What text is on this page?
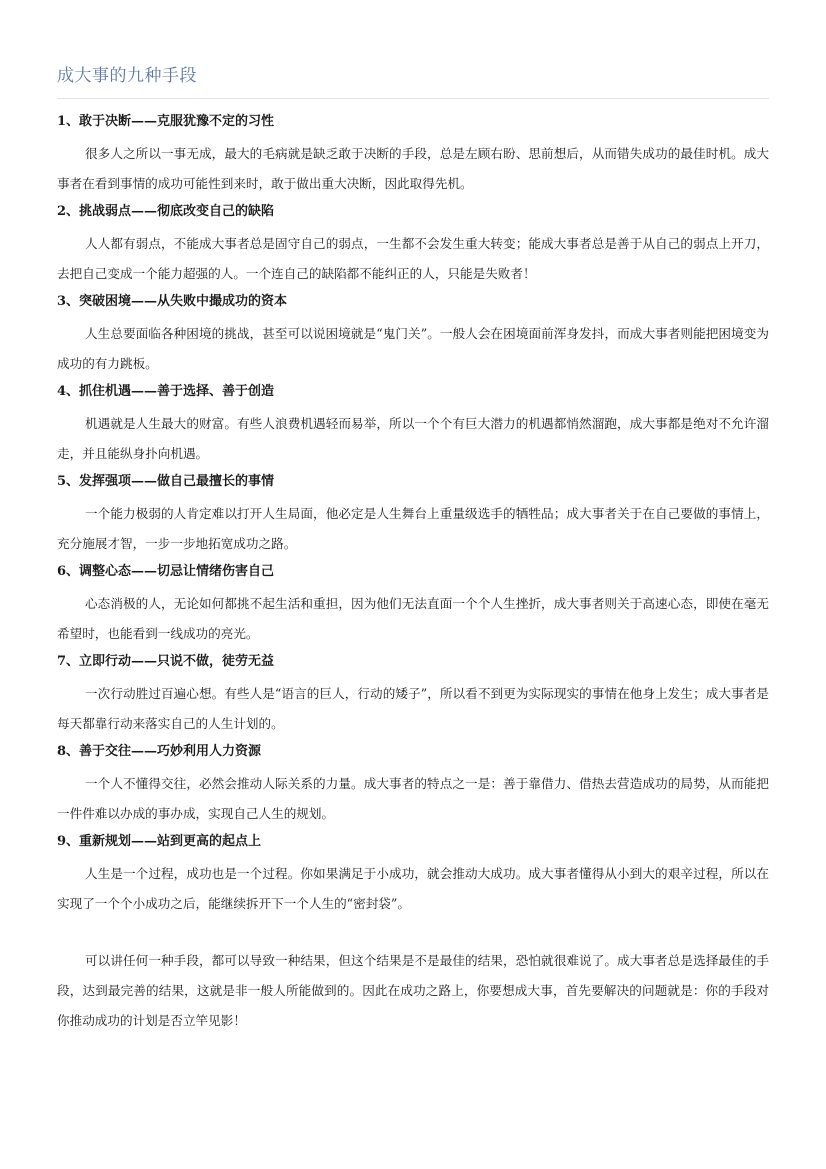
成大事的九种手段
1、敢于决断——克服犹豫不定的习性

很多人之所以一事无成，最大的毛病就是缺乏敢于决断的手段，总是左顾右盼、思前想后，从而错失成功的最佳时机。成大事者在看到事情的成功可能性到来时，敢于做出重大决断，因此取得先机。

2、挑战弱点——彻底改变自己的缺陷

人人都有弱点，不能成大事者总是固守自己的弱点，一生都不会发生重大转变；能成大事者总是善于从自己的弱点上开刀，去把自己变成一个能力超强的人。一个连自己的缺陷都不能纠正的人，只能是失败者！

3、突破困境——从失败中撮成功的资本

人生总要面临各种困境的挑战，甚至可以说困境就是“鬼门关”。一般人会在困境面前浑身发抖，而成大事者则能把困境变为成功的有力跳板。

4、抓住机遇——善于选择、善于创造

机遇就是人生最大的财富。有些人浪费机遇轻而易举，所以一个个有巨大潜力的机遇都悄然溜跑，成大事都是绝对不允许溜走，并且能纵身扑向机遇。

5、发挥强项——做自己最擅长的事情

一个能力极弱的人肯定难以打开人生局面，他必定是人生舞台上重量级选手的牺牲品；成大事者关于在自己要做的事情上，充分施展才智，一步一步地拓宽成功之路。

6、调整心态——切忌让情绪伤害自己

心态消极的人，无论如何都挑不起生活和重担，因为他们无法直面一个个人生挫折，成大事者则关于高速心态，即使在毫无希望时，也能看到一线成功的亮光。

7、立即行动——只说不做，徒劳无益

一次行动胜过百遍心想。有些人是“语言的巨人，行动的矮子”，所以看不到更为实际现实的事情在他身上发生；成大事者是每天都靠行动来落实自己的人生计划的。

8、善于交往——巧妙利用人力资源

一个人不懂得交往，必然会推动人际关系的力量。成大事者的特点之一是：善于靠借力、借热去营造成功的局势，从而能把一件件难以办成的事办成，实现自己人生的规划。

9、重新规划——站到更高的起点上

人生是一个过程，成功也是一个过程。你如果满足于小成功，就会推动大成功。成大事者懂得从小到大的艰辛过程，所以在实现了一个个小成功之后，能继续拆开下一个人生的“密封袋”。

可以讲任何一种手段，都可以导致一种结果，但这个结果是不是最佳的结果，恐怕就很难说了。成大事者总是选择最佳的手段，达到最完善的结果，这就是非一般人所能做到的。因此在成功之路上，你要想成大事，首先要解决的问题就是：你的手段对你推动成功的计划是否立竿见影！
